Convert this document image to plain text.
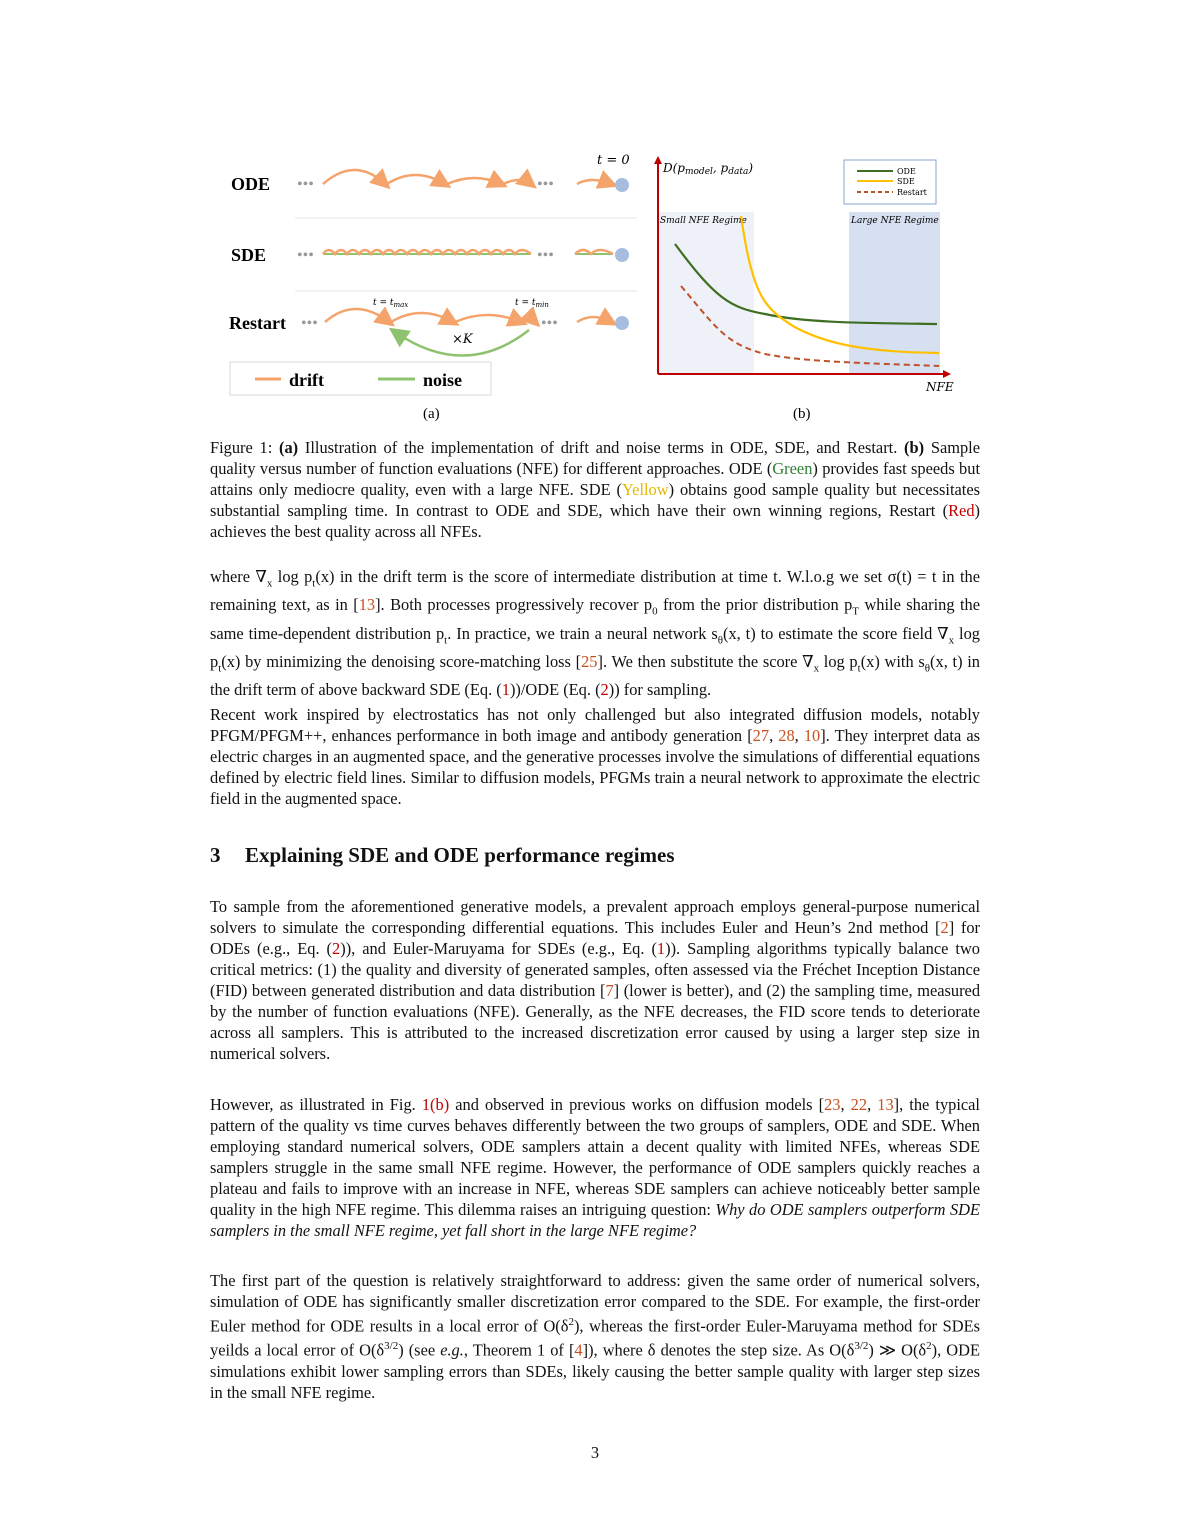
ODE
SDE
Restart
t = 0
•••	•••
•••	•••
$t = t_{max}$	$t = t_{min}$
•••
×K
•••
drift	noise
Small NFE Regime	Large NFE Regime
D(pmodel, pdata)
NFE
ODE
SDE
Restart
(a)	(b)
Figure 1: (a) Illustration of the implementation of drift and noise terms in ODE, SDE, and Restart. (b) Sample quality versus number of function evaluations (NFE) for different approaches. ODE (Green) provides fast speeds but attains only mediocre quality, even with a large NFE. SDE (Yellow) obtains good sample quality but necessitates substantial sampling time. In contrast to ODE and SDE, which have their own winning regions, Restart (Red) achieves the best quality across all NFEs.

where $\nabla_x$ $\log p_t(x)$ in the drift term is the score of intermediate distribution at time t. W.l.o.g we set σ(t) = t in the remaining text, as in [13]. Both processes progressively recover $p_0$ from the prior distribution $p_T$ while sharing the same time-dependent distribution $p_t$. In practice, we train a neural network $s_\theta(x$, t) to estimate the score field $\nabla_x$ $\log p_t(x)$ by minimizing the denoising score-matching loss [25]. We then substitute the score $\nabla_x$ $\log p_t(x)$ with $s_\theta(x$, t) in the drift term of above backward SDE (Eq. (1))/ODE (Eq. (2)) for sampling.

Recent work inspired by electrostatics has not only challenged but also integrated diffusion models, notably PFGM/PFGM++, enhances performance in both image and antibody generation [27, 28, 10]. They interpret data as electric charges in an augmented space, and the generative processes involve the simulations of differential equations defined by electric field lines. Similar to diffusion models, PFGMs train a neural network to approximate the electric field in the augmented space.

3 Explaining SDE and ODE performance regimes

To sample from the aforementioned generative models, a prevalent approach employs general-purpose numerical solvers to simulate the corresponding differential equations. This includes Euler and Heun’s 2nd method [2] for ODEs (e.g., Eq. (2)), and Euler-Maruyama for SDEs (e.g., Eq. (1)). Sampling algorithms typically balance two critical metrics: (1) the quality and diversity of generated samples, often assessed via the Fréchet Inception Distance (FID) between generated distribution and data distribution [7] (lower is better), and (2) the sampling time, measured by the number of function evaluations (NFE). Generally, as the NFE decreases, the FID score tends to deteriorate across all samplers. This is attributed to the increased discretization error caused by using a larger step size in numerical solvers.

However, as illustrated in Fig. 1(b) and observed in previous works on diffusion models [23, 22, 13], the typical pattern of the quality vs time curves behaves differently between the two groups of samplers, ODE and SDE. When employing standard numerical solvers, ODE samplers attain a decent quality with limited NFEs, whereas SDE samplers struggle in the same small NFE regime. However, the performance of ODE samplers quickly reaches a plateau and fails to improve with an increase in NFE, whereas SDE samplers can achieve noticeably better sample quality in the high NFE regime. This dilemma raises an intriguing question: Why do ODE samplers outperform SDE samplers in the small NFE regime, yet fall short in the large NFE regime?

The first part of the question is relatively straightforward to address: given the same order of numerical solvers, simulation of ODE has significantly smaller discretization error compared to the SDE. For example, the first-order Euler method for ODE results in a local error of $O(\delta^2)$, whereas the first-order Euler-Maruyama method for SDEs yeilds a local error of $O(\delta^{3/2})$ (see e.g., Theorem 1 of [4]), where δ denotes the step size. As $O(\delta^{3/2})$ ≫ $O(\delta^2)$, ODE simulations exhibit lower sampling errors than SDEs, likely causing the better sample quality with larger step sizes in the small NFE regime.

3
